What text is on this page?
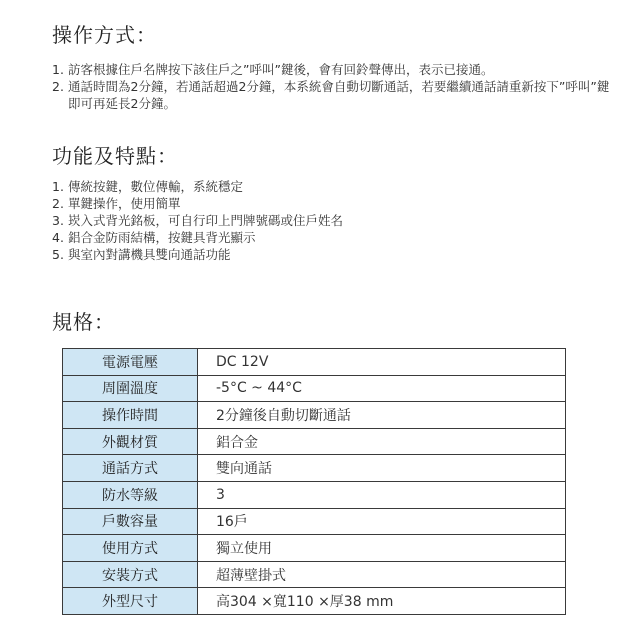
操作方式：
1. 訪客根據住戶名牌按下該住戶之”呼叫”鍵後，會有回鈴聲傳出，表示已接通。
2. 通話時間為2分鐘，若通話超過2分鐘，本系統會自動切斷通話，若要繼續通話請重新按下”呼叫”鍵即可再延長2分鐘。
功能及特點：
1. 傳統按鍵，數位傳輸，系統穩定
2. 單鍵操作，使用簡單
3. 崁入式背光銘板，可自行印上門牌號碼或住戶姓名
4. 鋁合金防雨結構，按鍵具背光顯示
5. 與室內對講機具雙向通話功能
規格：
電源電壓	DC 12V
周圍溫度	-5°C ~ 44°C
操作時間	2分鐘後自動切斷通話
外觀材質	鋁合金
通話方式	雙向通話
防水等級	3
戶數容量	16戶
使用方式	獨立使用
安裝方式	超薄壁掛式
外型尺寸	高304 ×寬110 ×厚38 mm
